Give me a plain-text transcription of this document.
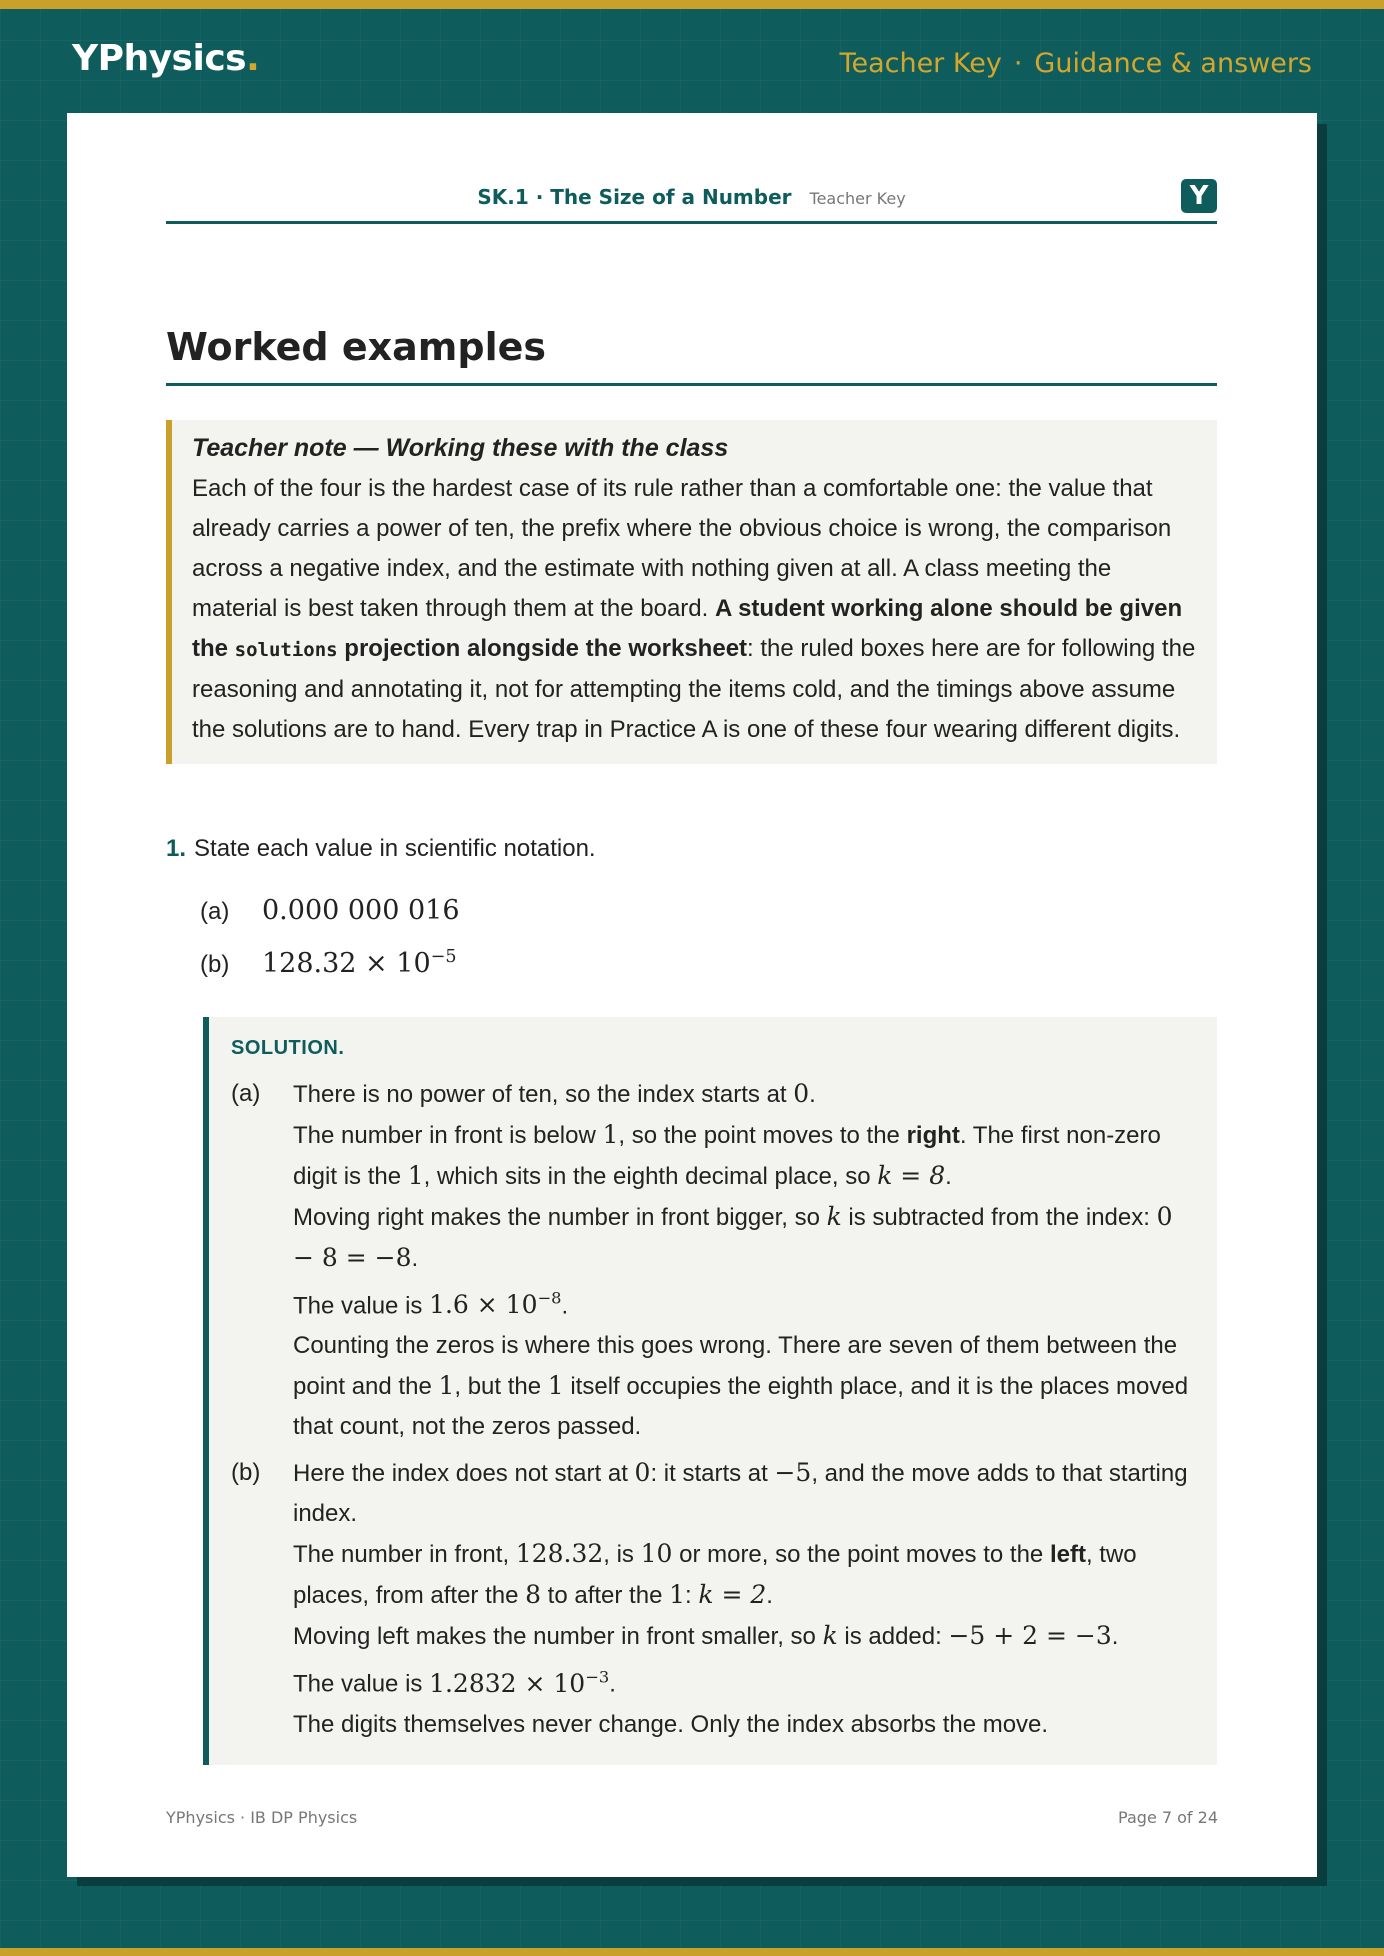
YPhysics.	Teacher Key · Guidance & answers
SK.1 · The Size of a Number Teacher Key	Y
Worked examples
Teacher note — Working these with the class
Each of the four is the hardest case of its rule rather than a comfortable one: the value that already carries a power of ten, the prefix where the obvious choice is wrong, the comparison across a negative index, and the estimate with nothing given at all. A class meeting the material is best taken through them at the board. A student working alone should be given the solutions projection alongside the worksheet: the ruled boxes here are for following the reasoning and annotating it, not for attempting the items cold, and the timings above assume the solutions are to hand. Every trap in Practice A is one of these four wearing different digits.
1. State each value in scientific notation.
(a) 0.000 000 016
(b) $128.32 \times 10^{-5}$
SOLUTION.
(a)	There is no power of ten, so the index starts at 0.
The number in front is below 1, so the point moves to the right. The first non-zero digit is the 1, which sits in the eighth decimal place, so k = 8.
Moving right makes the number in front bigger, so k is subtracted from the index: 0 − 8 = −8.
The value is $1.6 \times 10^{-8}$.
Counting the zeros is where this goes wrong. There are seven of them between the point and the 1, but the 1 itself occupies the eighth place, and it is the places moved that count, not the zeros passed.
(b)	Here the index does not start at 0: it starts at −5, and the move adds to that starting index.
The number in front, 128.32, is 10 or more, so the point moves to the left, two places, from after the 8 to after the 1: k = 2.
Moving left makes the number in front smaller, so k is added: −5 + 2 = −3.
The value is $1.2832 \times 10^{-3}$.
The digits themselves never change. Only the index absorbs the move.
YPhysics · IB DP Physics	Page 7 of 24
